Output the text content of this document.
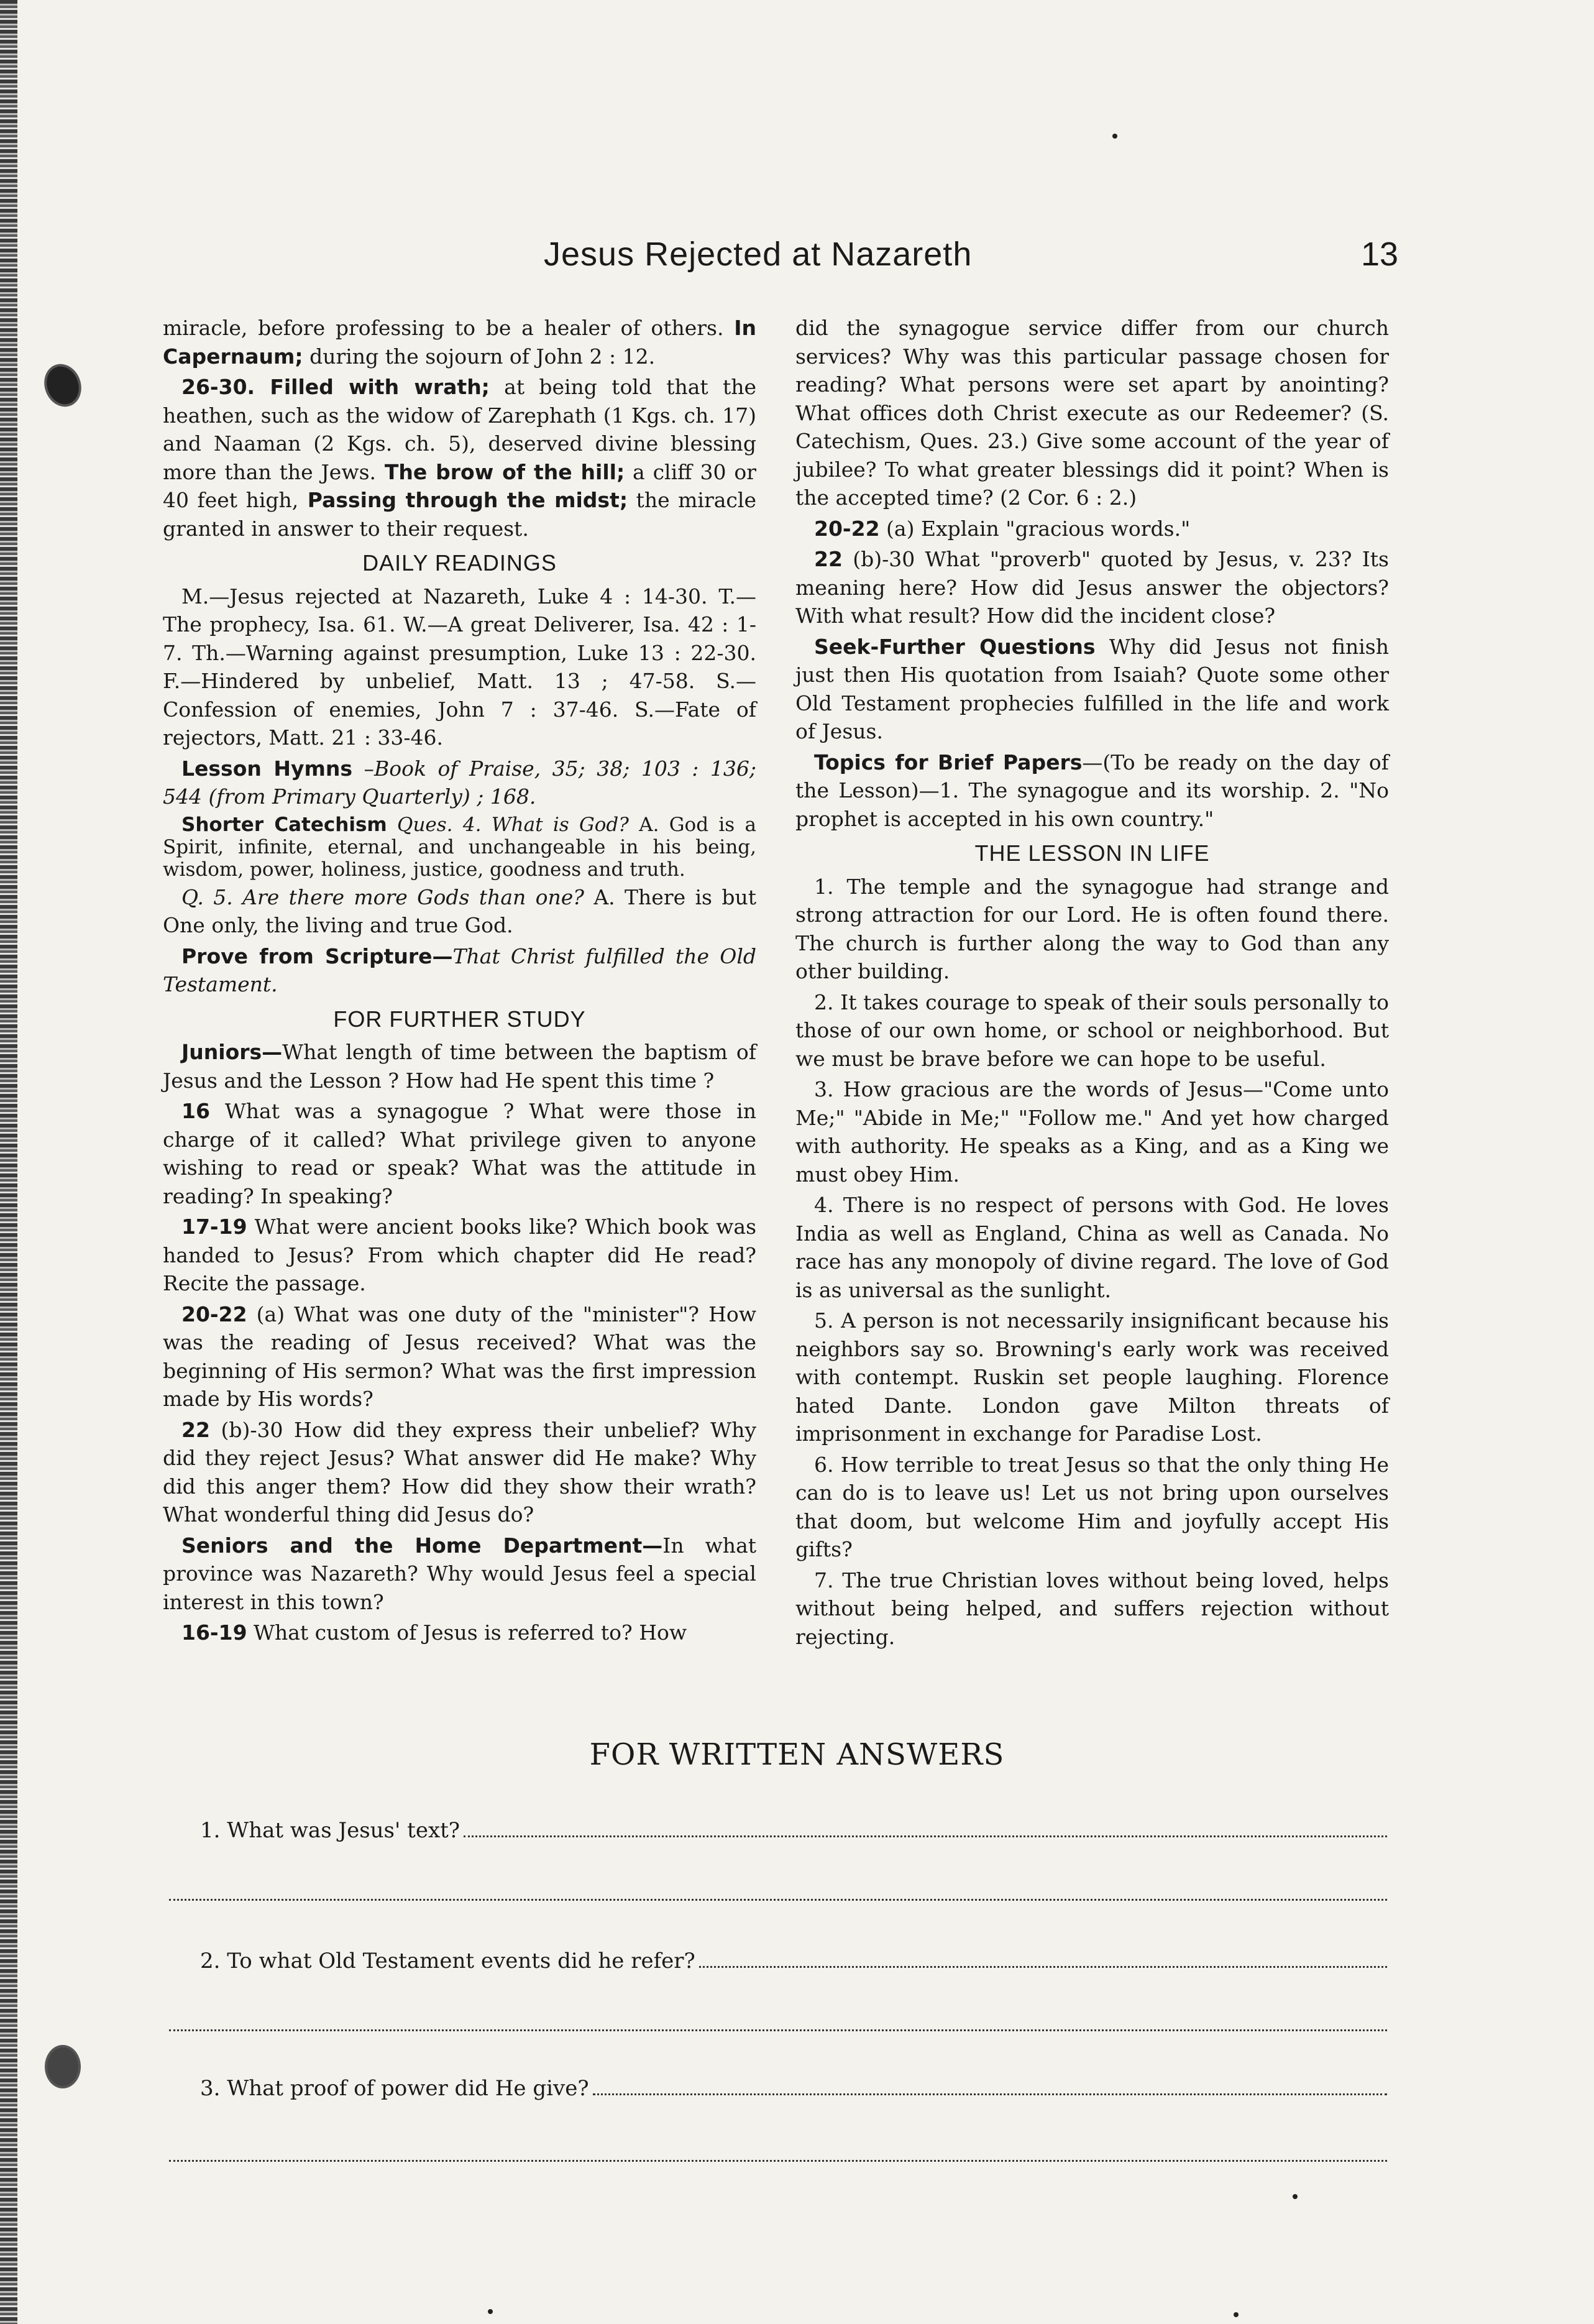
Jesus Rejected at Nazareth	13

miracle, before professing to be a healer of others. In Capernaum; during the sojourn of John 2 : 12.

26-30. Filled with wrath; at being told that the heathen, such as the widow of Zarephath (1 Kgs. ch. 17) and Naaman (2 Kgs. ch. 5), deserved divine blessing more than the Jews. The brow of the hill; a cliff 30 or 40 feet high, Passing through the midst; the miracle granted in answer to their request.

DAILY READINGS

M.—Jesus rejected at Nazareth, Luke 4 : 14-30. T.—The prophecy, Isa. 61. W.—A great Deliverer, Isa. 42 : 1-7. Th.—Warning against presumption, Luke 13 : 22-30. F.—Hindered by unbelief, Matt. 13 ; 47-58. S.—Confession of enemies, John 7 : 37-46. S.—Fate of rejectors, Matt. 21 : 33-46.

Lesson Hymns –Book of Praise, 35; 38; 103 : 136; 544 (from Primary Quarterly) ; 168.

Shorter Catechism Ques. 4. What is God? A. God is a Spirit, infinite, eternal, and unchangeable in his being, wisdom, power, holiness, justice, goodness and truth.

Q. 5. Are there more Gods than one? A. There is but One only, the living and true God.

Prove from Scripture—That Christ fulfilled the Old Testament.

FOR FURTHER STUDY

Juniors—What length of time between the baptism of Jesus and the Lesson ? How had He spent this time ?

16 What was a synagogue ? What were those in charge of it called? What privilege given to anyone wishing to read or speak? What was the attitude in reading? In speaking?

17-19 What were ancient books like? Which book was handed to Jesus? From which chapter did He read? Recite the passage.

20-22 (a) What was one duty of the "minister"? How was the reading of Jesus received? What was the beginning of His sermon? What was the first impression made by His words?

22 (b)-30 How did they express their unbelief? Why did they reject Jesus? What answer did He make? Why did this anger them? How did they show their wrath? What wonderful thing did Jesus do?

Seniors and the Home Department—In what province was Nazareth? Why would Jesus feel a special interest in this town?

16-19 What custom of Jesus is referred to? How

did the synagogue service differ from our church services? Why was this particular passage chosen for reading? What persons were set apart by anointing? What offices doth Christ execute as our Redeemer? (S. Catechism, Ques. 23.) Give some account of the year of jubilee? To what greater blessings did it point? When is the accepted time? (2 Cor. 6 : 2.)

20-22 (a) Explain "gracious words."

22 (b)-30 What "proverb" quoted by Jesus, v. 23? Its meaning here? How did Jesus answer the objectors? With what result? How did the incident close?

Seek-Further Questions Why did Jesus not finish just then His quotation from Isaiah? Quote some other Old Testament prophecies fulfilled in the life and work of Jesus.

Topics for Brief Papers—(To be ready on the day of the Lesson)—1. The synagogue and its worship. 2. "No prophet is accepted in his own country."

THE LESSON IN LIFE

1. The temple and the synagogue had strange and strong attraction for our Lord. He is often found there. The church is further along the way to God than any other building.

2. It takes courage to speak of their souls personally to those of our own home, or school or neighborhood. But we must be brave before we can hope to be useful.

3. How gracious are the words of Jesus—"Come unto Me;" "Abide in Me;" "Follow me." And yet how charged with authority. He speaks as a King, and as a King we must obey Him.

4. There is no respect of persons with God. He loves India as well as England, China as well as Canada. No race has any monopoly of divine regard. The love of God is as universal as the sunlight.

5. A person is not necessarily insignificant because his neighbors say so. Browning's early work was received with contempt. Ruskin set people laughing. Florence hated Dante. London gave Milton threats of imprisonment in exchange for Paradise Lost.

6. How terrible to treat Jesus so that the only thing He can do is to leave us! Let us not bring upon ourselves that doom, but welcome Him and joyfully accept His gifts?

7. The true Christian loves without being loved, helps without being helped, and suffers rejection without rejecting.

FOR WRITTEN ANSWERS
1. What was Jesus' text?
2. To what Old Testament events did he refer?
3. What proof of power did He give?
